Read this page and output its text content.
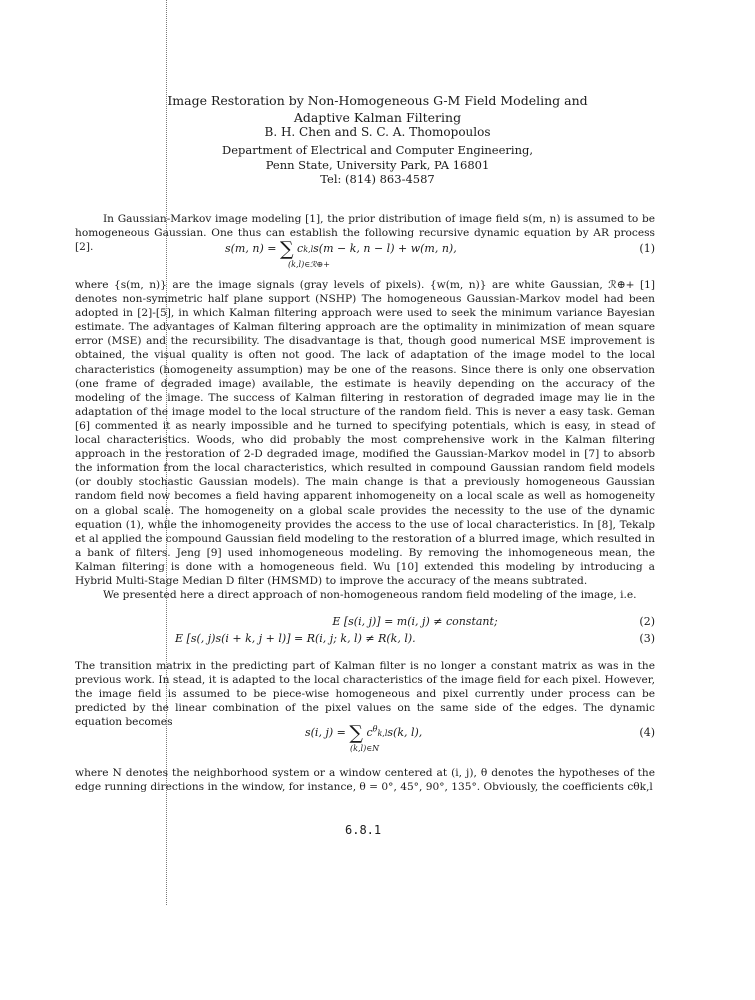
Image Restoration by Non-Homogeneous G-M Field Modeling and
Adaptive Kalman Filtering
B. H. Chen and S. C. A. Thomopoulos
Department of Electrical and Computer Engineering,
Penn State, University Park, PA 16801
Tel: (814) 863-4587

In Gaussian-Markov image modeling [1], the prior distribution of image field s(m, n) is assumed to be homogeneous Gaussian. One thus can establish the following recursive dynamic equation by AR process [2].	s(m, n) = ∑ ck,ls(m − k, n − l) + w(m, n),
(k,l)∈ℛ⊕+
(1)

where {s(m, n)} are the image signals (gray levels of pixels). {w(m, n)} are white Gaussian, ℛ⊕+ [1] denotes non-symmetric half plane support (NSHP) The homogeneous Gaussian-Markov model had been adopted in [2]-[5], in which Kalman filtering approach were used to seek the minimum variance Bayesian estimate. The advantages of Kalman filtering approach are the optimality in minimization of mean square error (MSE) and the recursibility. The disadvantage is that, though good numerical MSE improvement is obtained, the visual quality is often not good. The lack of adaptation of the image model to the local characteristics (homogeneity assumption) may be one of the reasons. Since there is only one observation (one frame of degraded image) available, the estimate is heavily depending on the accuracy of the modeling of the image. The success of Kalman filtering in restoration of degraded image may lie in the adaptation of the image model to the local structure of the random field. This is never a easy task. Geman [6] commented it as nearly impossible and he turned to specifying potentials, which is easy, in stead of local characteristics. Woods, who did probably the most comprehensive work in the Kalman filtering approach in the restoration of 2-D degraded image, modified the Gaussian-Markov model in [7] to absorb the information from the local characteristics, which resulted in compound Gaussian random field models (or doubly stochastic Gaussian models). The main change is that a previously homogeneous Gaussian random field now becomes a field having apparent inhomogeneity on a local scale as well as homogeneity on a global scale. The homogeneity on a global scale provides the necessity to the use of the dynamic equation (1), while the inhomogeneity provides the access to the use of local characteristics. In [8], Tekalp et al applied the compound Gaussian field modeling to the restoration of a blurred image, which resulted in a bank of filters. Jeng [9] used inhomogeneous modeling. By removing the inhomogeneous mean, the Kalman filtering is done with a homogeneous field. Wu [10] extended this modeling by introducing a Hybrid Multi-Stage Median D filter (HMSMD) to improve the accuracy of the means subtrated.

We presented here a direct approach of non-homogeneous random field modeling of the image, i.e.

E [s(i, j)] = m(i, j) ≠ constant;	(2)
E [s(, j)s(i + k, j + l)] = R(i, j; k, l) ≠ R(k, l).	(3)

The transition matrix in the predicting part of Kalman filter is no longer a constant matrix as was in the previous work. In stead, it is adapted to the local characteristics of the image field for each pixel. However, the image field is assumed to be piece-wise homogeneous and pixel currently under process can be predicted by the linear combination of the pixel values on the same side of the edges. The dynamic equation becomes

s(i, j) = ∑ $c^\theta k,ls(k$, l),
(k,l)∈N
(4)

where N denotes the neighborhood system or a window centered at (i, j), θ denotes the hypotheses of the edge running directions in the window, for instance, θ = 0°, 45°, 90°, 135°. Obviously, the coefficients cθk,l

6.8.1
